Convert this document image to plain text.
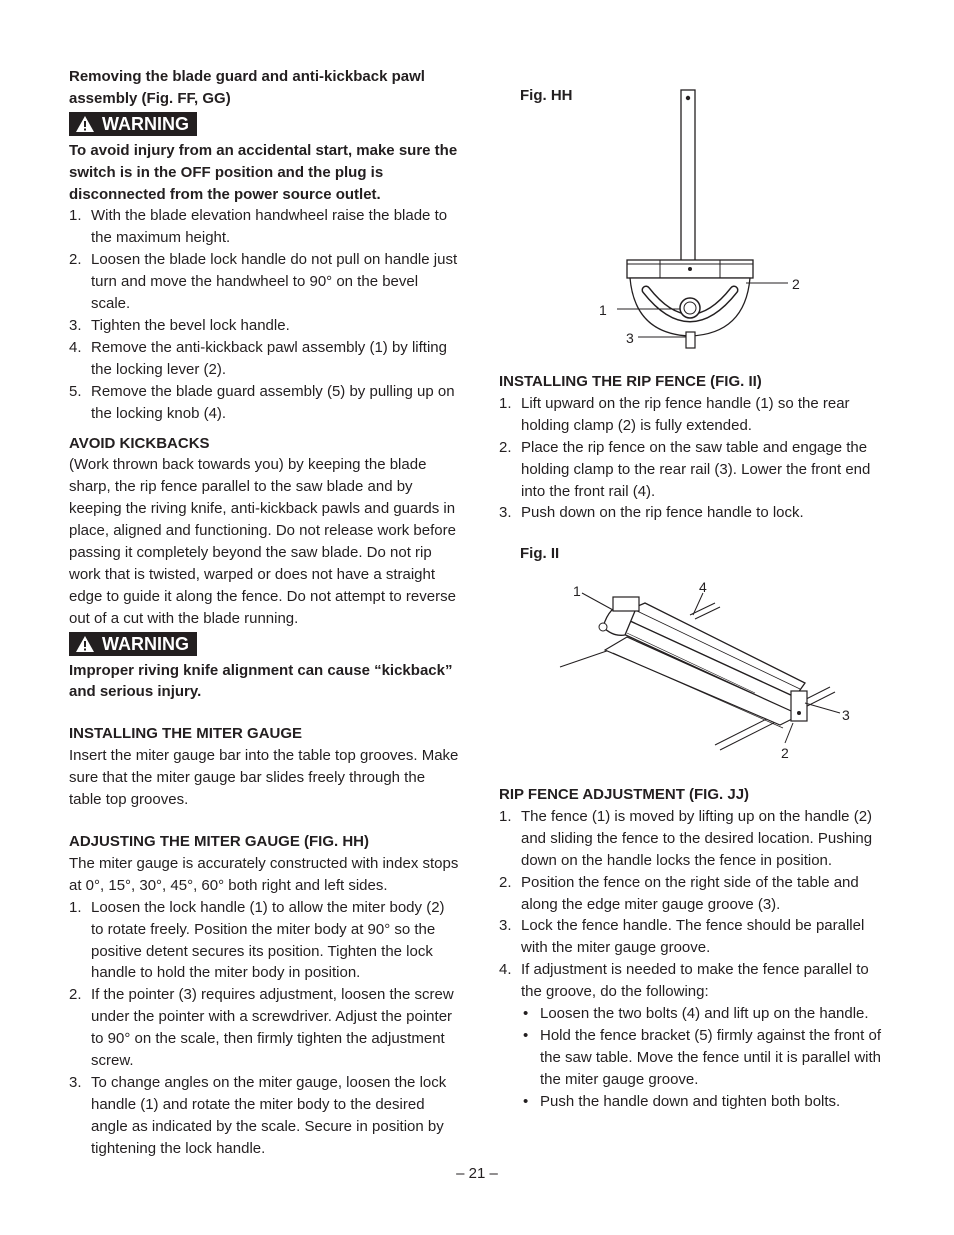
Removing the blade guard and anti-kickback pawl assembly (Fig. FF, GG)

WARNING

To avoid injury from an accidental start, make sure the switch is in the OFF position and the plug is disconnected from the power source outlet.

1. With the blade elevation handwheel raise the blade to the maximum height.
2. Loosen the blade lock handle do not pull on handle just turn and move the handwheel to 90° on the bevel scale.
3. Tighten the bevel lock handle.
4. Remove the anti-kickback pawl assembly (1) by lifting the locking lever (2).
5. Remove the blade guard assembly (5) by pulling up on the locking knob (4).

AVOID KICKBACKS

(Work thrown back towards you) by keeping the blade sharp, the rip fence parallel to the saw blade and by keeping the riving knife, anti-kickback pawls and guards in place, aligned and functioning. Do not release work before passing it completely beyond the saw blade. Do not rip work that is twisted, warped or does not have a straight edge to guide it along the fence. Do not attempt to reverse out of a cut with the blade running.

WARNING

Improper riving knife alignment can cause “kickback” and serious injury.

INSTALLING THE MITER GAUGE

Insert the miter gauge bar into the table top grooves. Make sure that the miter gauge bar slides freely through the table top grooves.

ADJUSTING THE MITER GAUGE (FIG. HH)

The miter gauge is accurately constructed with index stops at 0°, 15°, 30°, 45°, 60° both right and left sides.

1. Loosen the lock handle (1) to allow the miter body (2) to rotate freely. Position the miter body at 90° so the positive detent secures its position. Tighten the lock handle to hold the miter body in position.
2. If the pointer (3) requires adjustment, loosen the screw under the pointer with a screwdriver. Adjust the pointer to 90° on the scale, then firmly tighten the adjustment screw.
3. To change angles on the miter gauge, loosen the lock handle (1) and rotate the miter body to the desired angle as indicated by the scale. Secure in position by tightening the lock handle.
Fig. HH
1
2
3

INSTALLING THE RIP FENCE (FIG. II)

1. Lift upward on the rip fence handle (1) so the rear holding clamp (2) is fully extended.
2. Place the rip fence on the saw table and engage the holding clamp to the rear rail (3). Lower the front end into the front rail (4).
3. Push down on the rip fence handle to lock.
Fig. II
1	4
3
2

RIP FENCE ADJUSTMENT (FIG. JJ)

1. The fence (1) is moved by lifting up on the handle (2) and sliding the fence to the desired location. Pushing down on the handle locks the fence in position.
2. Position the fence on the right side of the table and along the edge miter gauge groove (3).
3. Lock the fence handle. The fence should be parallel with the miter gauge groove.
4. If adjustment is needed to make the fence parallel to the groove, do the following:
• Loosen the two bolts (4) and lift up on the handle.
• Hold the fence bracket (5) firmly against the front of the saw table. Move the fence until it is parallel with the miter gauge groove.
• Push the handle down and tighten both bolts.
– 21 –
